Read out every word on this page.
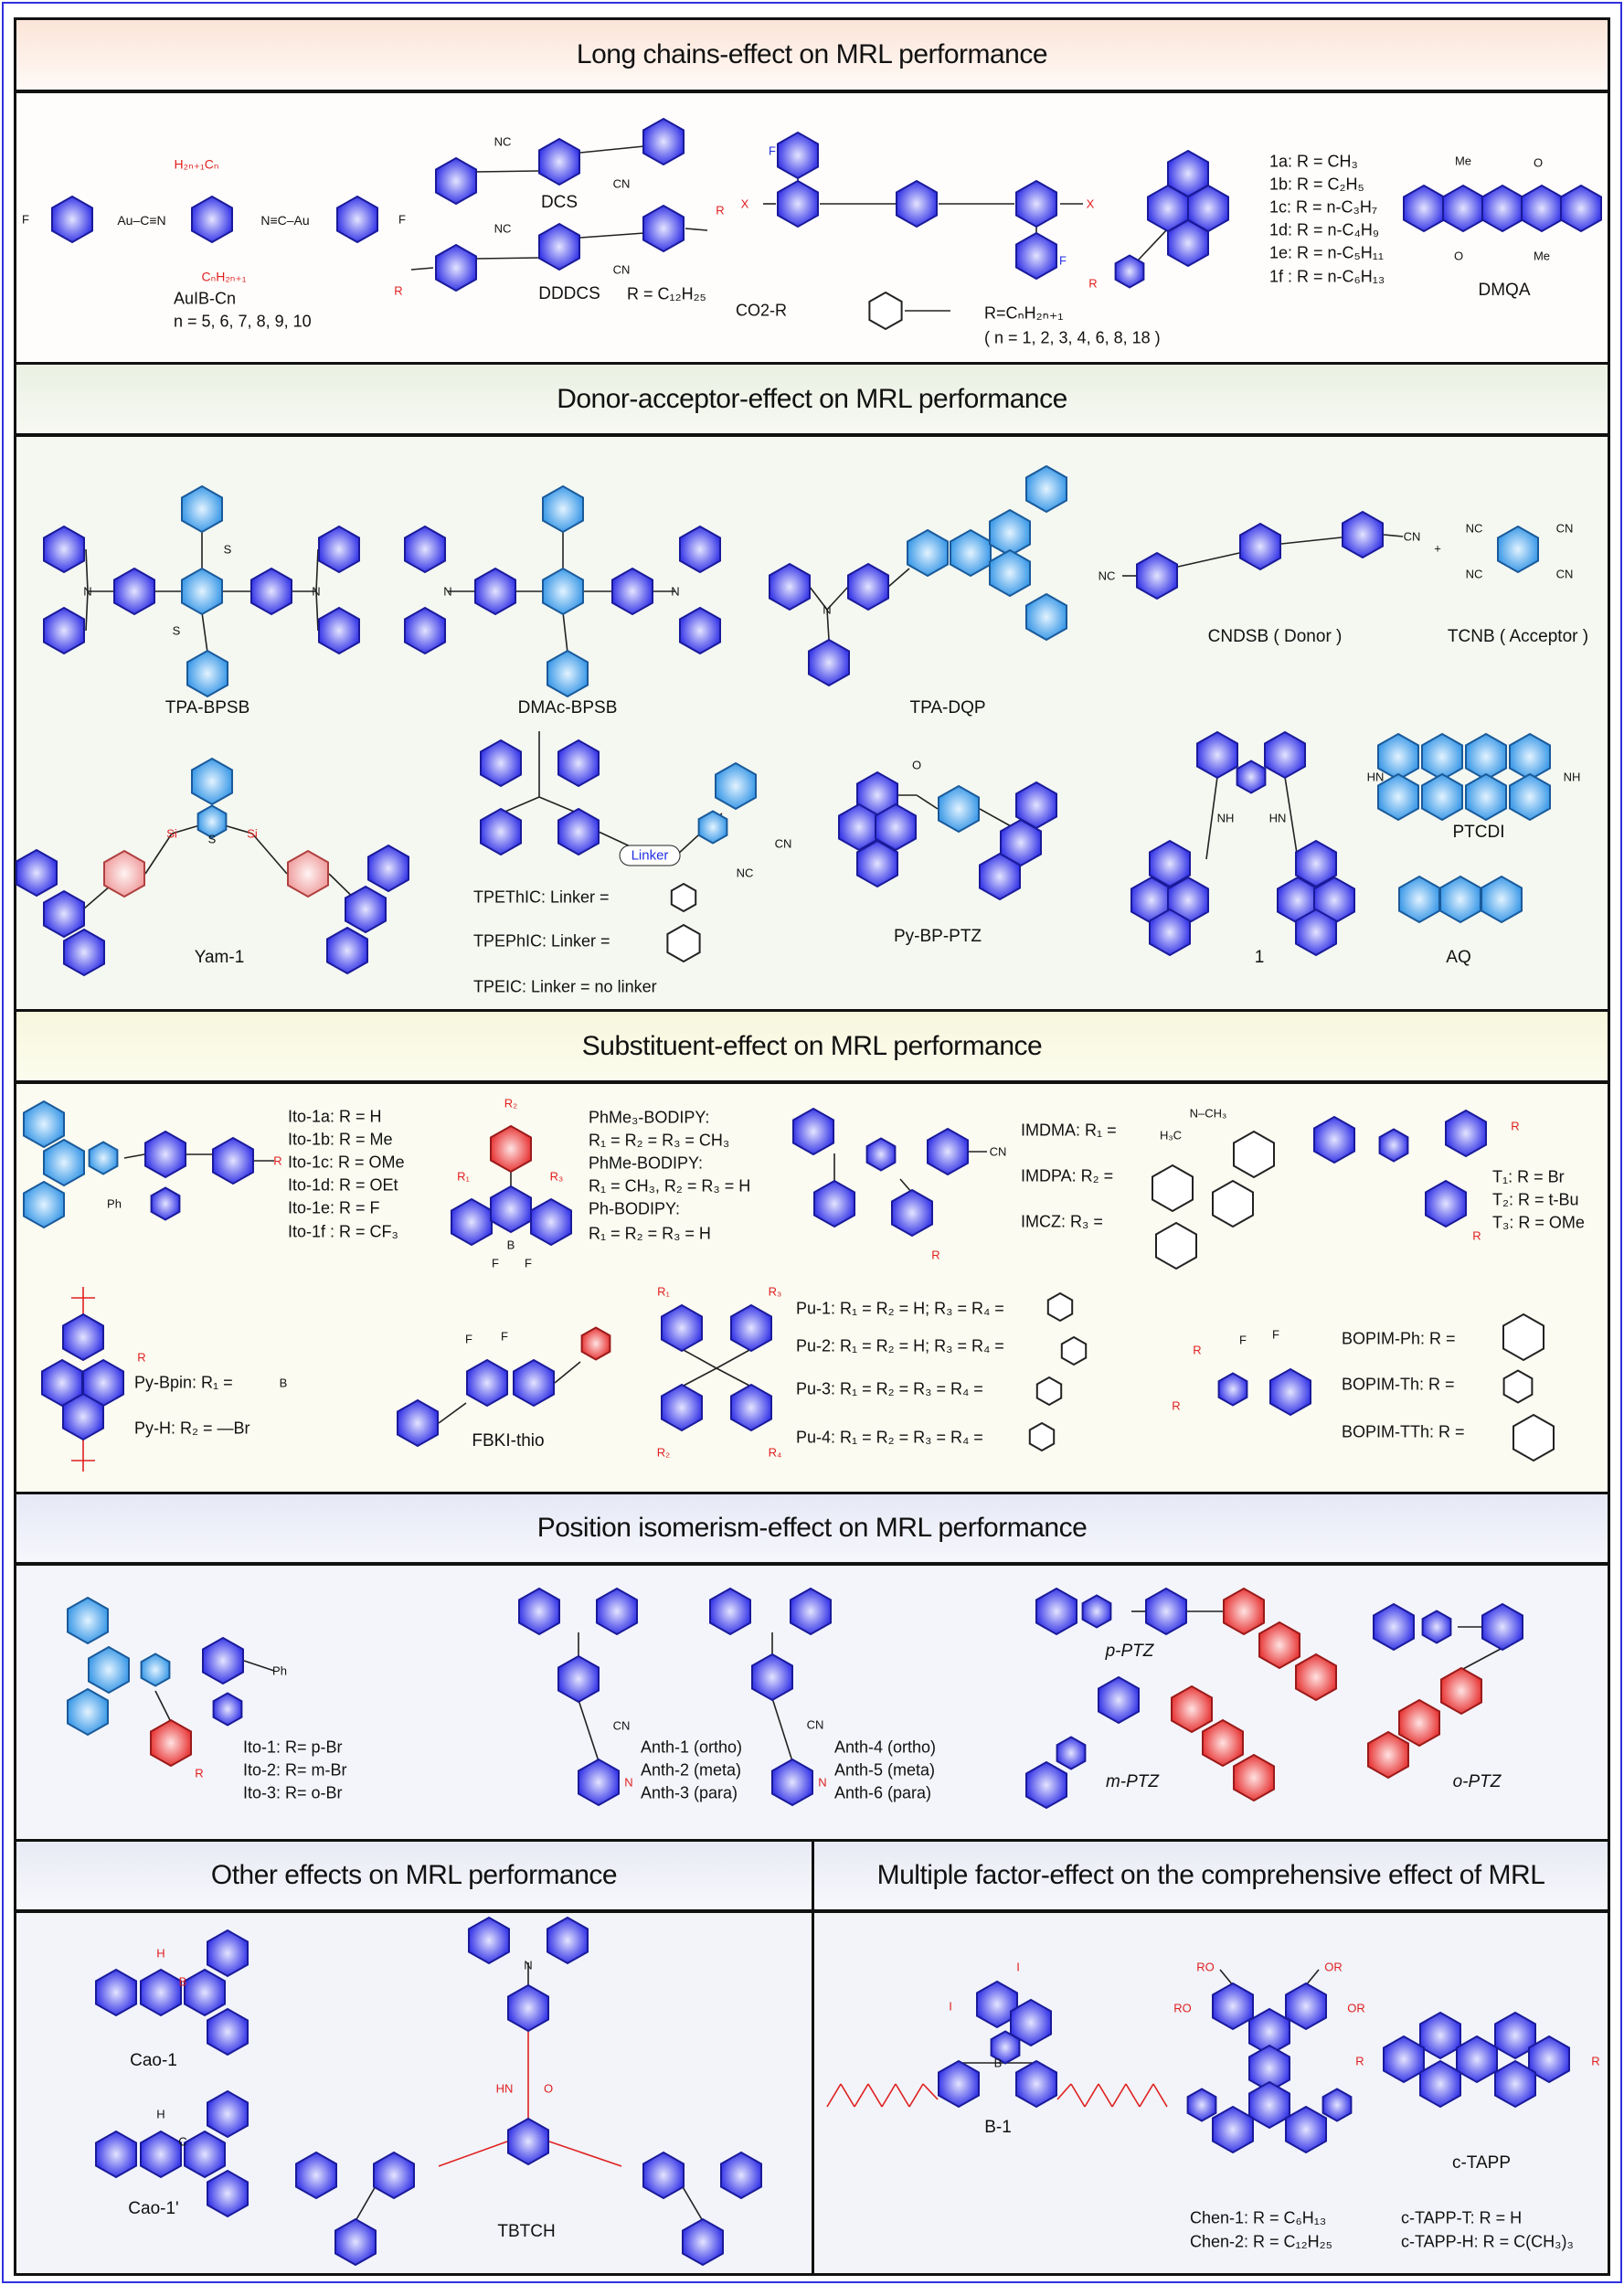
Long chains-effect on MRL performance
Donor-acceptor-effect on MRL performance
Substituent-effect on MRL performance
Position isomerism-effect on MRL performance
Other effects on MRL performance	Multiple factor-effect on the comprehensive effect of MRL
Au–C≡N	N≡C–Au
H₂ₙ₊₁Cₙ
CₙH₂ₙ₊₁
AuIB-Cn
n = 5, 6, 7, 8, 9, 10
F	F
NC
CN
NC
CN
DCS
R
R
DDDCS R = C₁₂H₂₅
X	X
F
F
CO2-R	R=CₙH₂ₙ₊₁
( n = 1, 2, 3, 4, 6, 8, 18 )
R
1a: R = CH₃
1b: R = C₂H₅
1c: R = n-C₃H₇
1d: R = n-C₄H₉
1e: R = n-C₅H₁₁
1f : R = n-C₆H₁₃
Me	O
O	Me
DMQA
N	N
S
S
TPA-BPSB
N	N
DMAc-BPSB
N
TPA-DQP
NC
CN
+
NC	CN
NC	CN
CNDSB ( Donor )	TCNB ( Acceptor )
Si	Si
S
Yam-1
Linker
CN
NC
TPEThIC: Linker =
TPEPhIC: Linker =
TPEIC: Linker = no linker
O
Py-BP-PTZ
NH	HN
1
HN	NH
PTCDI
AQ
Ph
R
Ito-1a: R = H
Ito-1b: R = Me
Ito-1c: R = OMe
Ito-1d: R = OEt
Ito-1e: R = F
Ito-1f : R = CF₃
R₂
R₁	R₃
B
F F
PhMe₃-BODIPY:
R₁ = R₂ = R₃ = CH₃
PhMe-BODIPY:
R₁ = CH₃, R₂ = R₃ = H
Ph-BODIPY:
R₁ = R₂ = R₃ = H
CN
R
IMDMA: R₁ =
IMDPA: R₂ =
IMCZ: R₃ =
N–CH₃
H₃C
R
R
T₁: R = Br
T₂: R = t-Bu
T₃: R = OMe
R
Py-Bpin: R₁ =
Py-H: R₂ = —Br
B
F F
FBKI-thio
R₁	R₃
R₂	R₄
Pu-1: R₁ = R₂ = H; R₃ = R₄ =
Pu-2: R₁ = R₂ = H; R₃ = R₄ =
Pu-3: R₁ = R₂ = R₃ = R₄ =
Pu-4: R₁ = R₂ = R₃ = R₄ =
R
R
F F	BOPIM-Ph: R =
BOPIM-Th: R =
BOPIM-TTh: R =
Ph
R
Ito-1: R= p-Br
Ito-2: R= m-Br
Ito-3: R= o-Br
CN	CN
N	N
Anth-1 (ortho)
Anth-2 (meta)
Anth-3 (para)
Anth-4 (ortho)
Anth-5 (meta)
Anth-6 (para)
p-PTZ
m-PTZ	o-PTZ
H
B
Cao-1
H
C
Cao-1'
N
HN	O
TBTCH
I
I
B
B-1
RO	OR
RO	OR
Chen-1: R = C₆H₁₃
Chen-2: R = C₁₂H₂₅
R	R
c-TAPP
c-TAPP-T: R = H
c-TAPP-H: R = C(CH₃)₃
